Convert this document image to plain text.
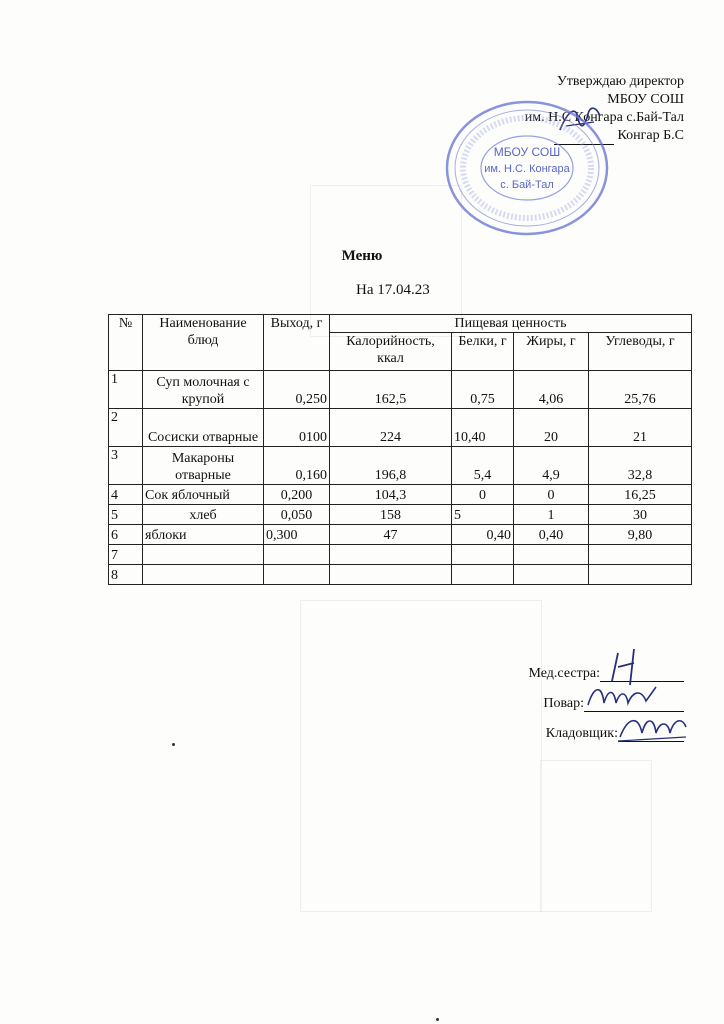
Утверждаю директор
МБОУ СОШ
им. Н.С Конгара с.Бай-Тал
Конгар Б.С
МБОУ СОШ
им. Н.С. Конгара
с. Бай-Тал
Меню
На 17.04.23
№	Наименование блюд	Выход, г	Пищевая ценность			
			Калорийность, ккал	Белки, г	Жиры, г	Углеводы, г
1	Суп молочная с крупой	0,250	162,5	0,75	4,06	25,76
2	Сосиски отварные	0100	224	10,40	20	21
3	Макароны отварные	0,160	196,8	5,4	4,9	32,8
4	Сок яблочный	0,200	104,3	0	0	16,25
5	хлеб	0,050	158	5	1	30
6	яблоки	0,300	47	0,40	0,40	9,80
7						
8						
Мед.сестра:
Повар:
Кладовщик:
